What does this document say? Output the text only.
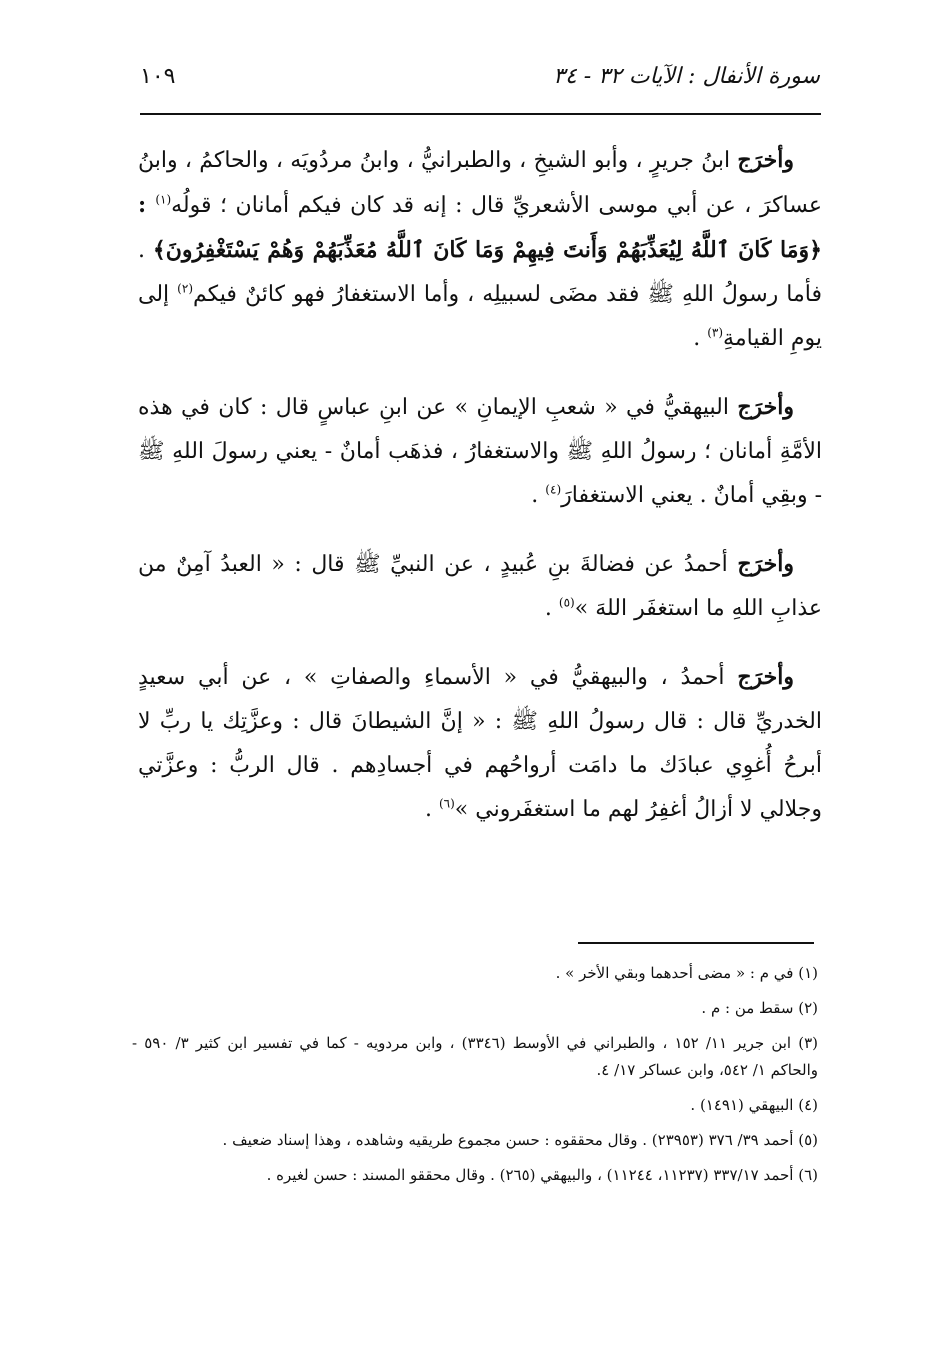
سورة الأنفال : الآيات ٣٢ - ٣٤
١٠٩

وأخرَج ابنُ جريرٍ ، وأبو الشيخِ ، والطبرانيُّ ، وابنُ مردُويَه ، والحاكمُ ، وابنُ عساكرَ ، عن أبي موسى الأشعريِّ قال : إنه قد كان فيكم أمانان ؛ قولُه$^{(١)}$ : ﴿وَمَا كَانَ ٱللَّهُ لِيُعَذِّبَهُمْ وَأَنتَ فِيهِمْ وَمَا كَانَ ٱللَّهُ مُعَذِّبَهُمْ وَهُمْ يَسْتَغْفِرُونَ﴾ . فأما رسولُ اللهِ ﷺ فقد مضَى لسبيلِه ، وأما الاستغفارُ فهو كائنٌ فيكم$^{(٢)}$ إلى يومِ القيامةِ$^{(٣)}$ .

وأخرَج البيهقيُّ في « شعبِ الإيمانِ » عن ابنِ عباسٍ قال : كان في هذه الأمَّةِ أمانان ؛ رسولُ اللهِ ﷺ والاستغفارُ ، فذهَب أمانٌ - يعني رسولَ اللهِ ﷺ - وبقِي أمانٌ . يعني الاستغفارَ$^{(٤)}$ .

وأخرَج أحمدُ عن فضالةَ بنِ عُبيدٍ ، عن النبيِّ ﷺ قال : « العبدُ آمِنٌ من عذابِ اللهِ ما استغفَر اللهَ »$^{(٥)}$ .

وأخرَج أحمدُ ، والبيهقيُّ في « الأسماءِ والصفاتِ » ، عن أبي سعيدٍ الخدريِّ قال : قال رسولُ اللهِ ﷺ : « إنَّ الشيطانَ قال : وعزَّتِك يا ربِّ لا أبرحُ أُغوِي عبادَك ما دامَت أرواحُهم في أجسادِهم . قال الربُّ : وعزَّتي وجلالي لا أزالُ أغفِرُ لهم ما استغفَروني »$^{(٦)}$ .

(١) في م : « مضى أحدهما وبقي الأخر » .

(٢) سقط من : م .

(٣) ابن جرير ١١/ ١٥٢ ، والطبراني في الأوسط (٣٣٤٦) ، وابن مردويه - كما في تفسير ابن كثير ٣/ ٥٩٠ - والحاكم ١/ ٥٤٢، وابن عساكر ١٧/ ٤.

(٤) البيهقي (١٤٩١) .

(٥) أحمد ٣٩/ ٣٧٦ (٢٣٩٥٣) . وقال محققوه : حسن مجموع طريقيه وشاهده ، وهذا إسناد ضعيف .

(٦) أحمد ٣٣٧/١٧ (١١٢٣٧، ١١٢٤٤) ، والبيهقي (٢٦٥) . وقال محققو المسند : حسن لغيره .
